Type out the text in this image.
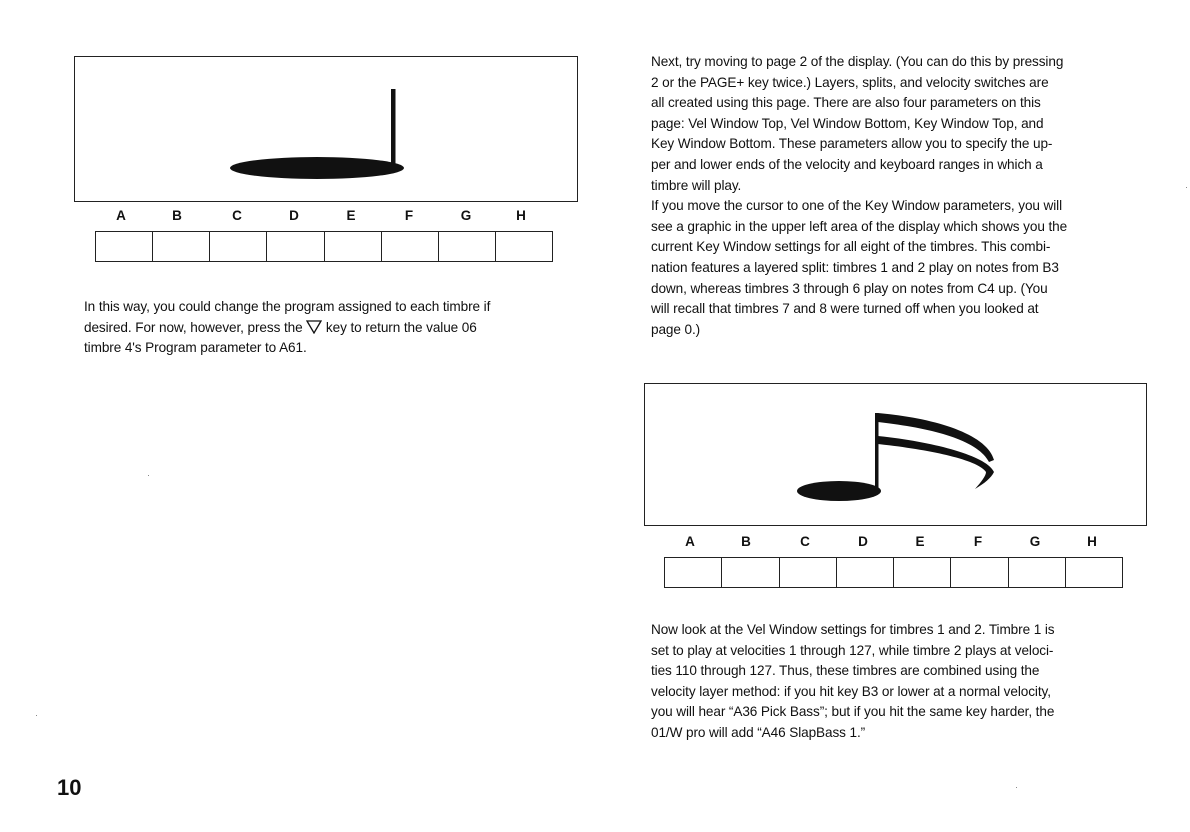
A	B	C	D	E	F	G	H

In this way, you could change the program assigned to each timbre if
desired. For now, however, press the  key to return the value 06
timbre 4's Program parameter to A61.

10

Next, try moving to page 2 of the display. (You can do this by pressing
2 or the PAGE+ key twice.) Layers, splits, and velocity switches are
all created using this page. There are also four parameters on this
page: Vel Window Top, Vel Window Bottom, Key Window Top, and
Key Window Bottom. These parameters allow you to specify the up-
per and lower ends of the velocity and keyboard ranges in which a
timbre will play.
If you move the cursor to one of the Key Window parameters, you will
see a graphic in the upper left area of the display which shows you the
current Key Window settings for all eight of the timbres. This combi-
nation features a layered split: timbres 1 and 2 play on notes from B3
down, whereas timbres 3 through 6 play on notes from C4 up. (You
will recall that timbres 7 and 8 were turned off when you looked at
page 0.)

A	B	C	D	E	F	G	H

Now look at the Vel Window settings for timbres 1 and 2. Timbre 1 is
set to play at velocities 1 through 127, while timbre 2 plays at veloci-
ties 110 through 127. Thus, these timbres are combined using the
velocity layer method: if you hit key B3 or lower at a normal velocity,
you will hear “A36 Pick Bass”; but if you hit the same key harder, the
01/W pro will add “A46 SlapBass 1.”
